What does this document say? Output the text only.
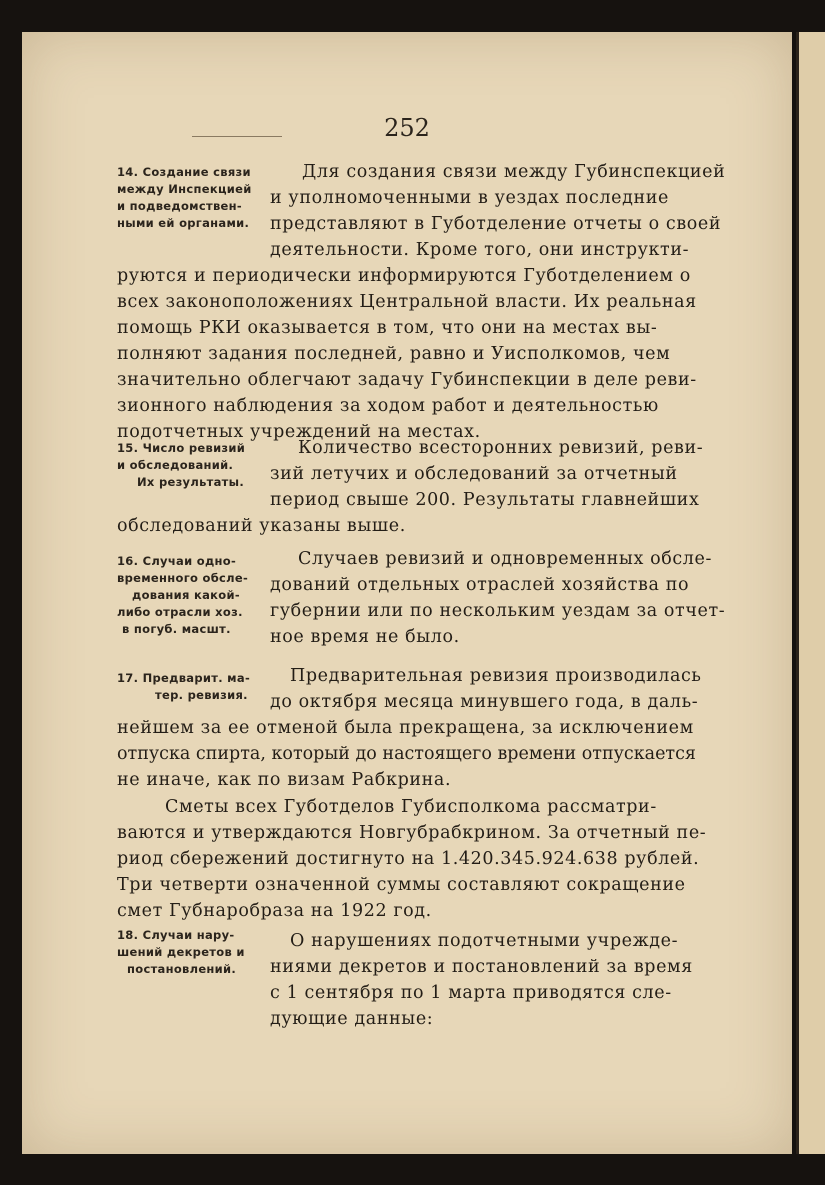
252
14. Создание связи
между Инспекцией
и подведомствен-
ными ей органами.
Для создания связи между Губинспекцией
и уполномоченными в уездах последние
представляют в Губотделение отчеты о своей
деятельности. Кроме того, они инструкти-
руются и периодически информируются Губотделением о
всех законоположениях Центральной власти. Их реальная
помощь РКИ оказывается в том, что они на местах вы-
полняют задания последней, равно и Уисполкомов, чем
значительно облегчают задачу Губинспекции в деле реви-
зионного наблюдения за ходом работ и деятельностью
подотчетных учреждений на местах.
15. Число ревизий
и обследований.
Их результаты.
Количество всесторонних ревизий, реви-
зий летучих и обследований за отчетный
период свыше 200. Результаты главнейших
обследований указаны выше.
16. Случаи одно-
временного обсле-
дования какой-
либо отрасли хоз.
в погуб. масшт.
Случаев ревизий и одновременных обсле-
дований отдельных отраслей хозяйства по
губернии или по нескольким уездам за отчет-
ное время не было.
17. Предварит. ма-
тер. ревизия.
Предварительная ревизия производилась
до октября месяца минувшего года, в даль-
нейшем за ее отменой была прекращена, за исключением
отпуска спирта, который до настоящего времени отпускается
не иначе, как по визам Рабкрина.
Сметы всех Губотделов Губисполкома рассматри-
ваются и утверждаются Новгубрабкрином. За отчетный пе-
риод сбережений достигнуто на 1.420.345.924.638 рублей.
Три четверти означенной суммы составляют сокращение
смет Губнаробраза на 1922 год.
18. Случаи нару-
шений декретов и
постановлений.
О нарушениях подотчетными учрежде-
ниями декретов и постановлений за время
с 1 сентября по 1 марта приводятся сле-
дующие данные:
